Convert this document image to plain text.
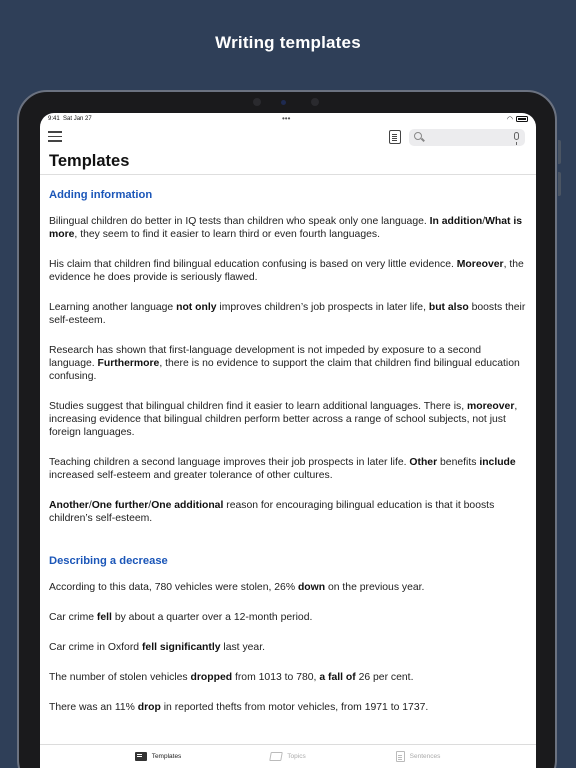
Writing templates
9:41 Sat Jan 27	•••	◠
Templates
Adding information
Bilingual children do better in IQ tests than children who speak only one language. In addition/What is more, they seem to find it easier to learn third or even fourth languages.
His claim that children find bilingual education confusing is based on very little evidence. Moreover, the evidence he does provide is seriously flawed.
Learning another language not only improves children’s job prospects in later life, but also boosts their self-esteem.
Research has shown that first-language development is not impeded by exposure to a second language. Furthermore, there is no evidence to support the claim that children find bilingual education confusing.
Studies suggest that bilingual children find it easier to learn additional languages. There is, moreover, increasing evidence that bilingual children perform better across a range of school subjects, not just foreign languages.
Teaching children a second language improves their job prospects in later life. Other benefits include increased self-esteem and greater tolerance of other cultures.
Another/One further/One additional reason for encouraging bilingual education is that it boosts children’s self-esteem.
Describing a decrease
According to this data, 780 vehicles were stolen, 26% down on the previous year.
Car crime fell by about a quarter over a 12-month period.
Car crime in Oxford fell significantly last year.
The number of stolen vehicles dropped from 1013 to 780, a fall of 26 per cent.
There was an 11% drop in reported thefts from motor vehicles, from 1971 to 1737.
Templates	Topics	Sentences
